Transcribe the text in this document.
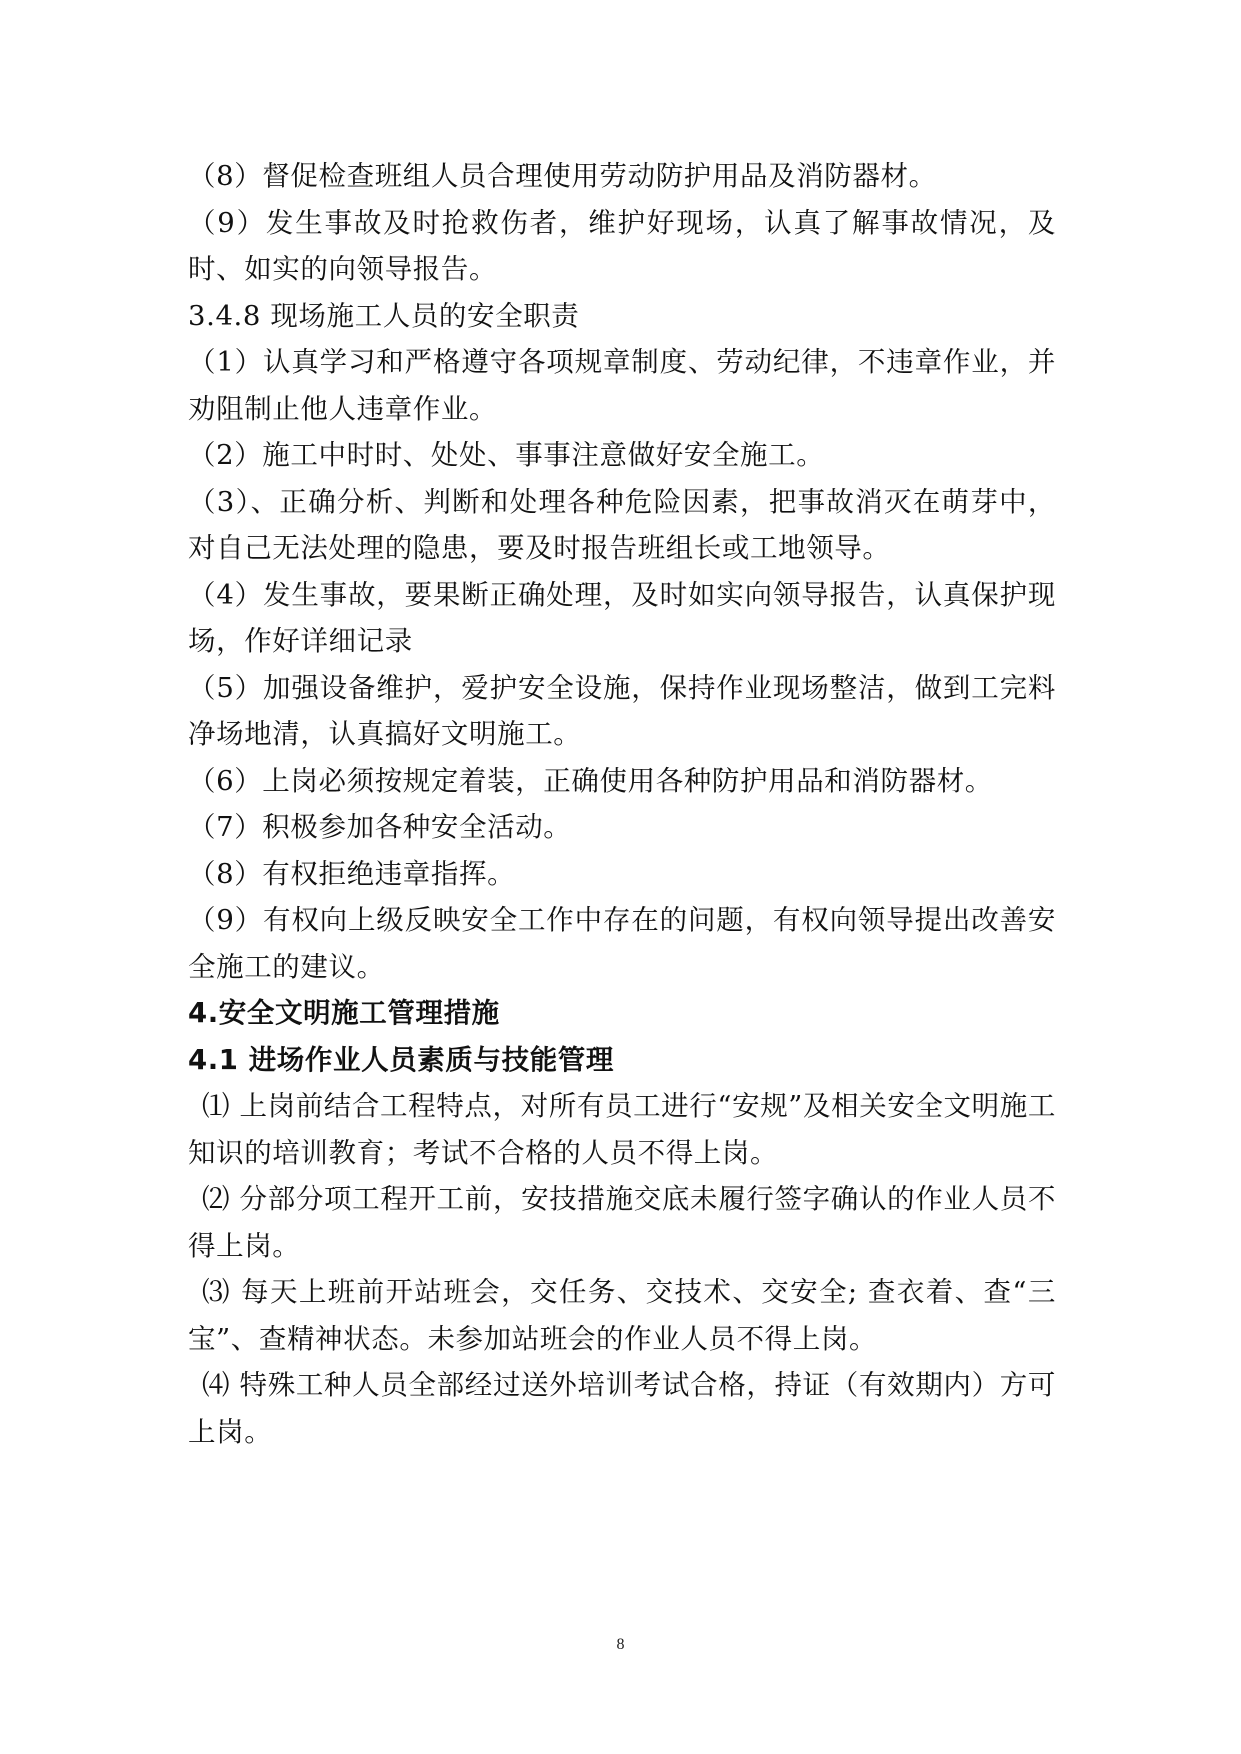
（8）督促检查班组人员合理使用劳动防护用品及消防器材。

（9）发生事故及时抢救伤者，维护好现场，认真了解事故情况，及时、如实的向领导报告。

3.4.8 现场施工人员的安全职责

（1）认真学习和严格遵守各项规章制度、劳动纪律，不违章作业，并劝阻制止他人违章作业。

（2）施工中时时、处处、事事注意做好安全施工。

（3）、正确分析、判断和处理各种危险因素，把事故消灭在萌芽中，对自己无法处理的隐患，要及时报告班组长或工地领导。

（4）发生事故，要果断正确处理，及时如实向领导报告，认真保护现场，作好详细记录

（5）加强设备维护，爱护安全设施，保持作业现场整洁，做到工完料净场地清，认真搞好文明施工。

（6）上岗必须按规定着装，正确使用各种防护用品和消防器材。

（7）积极参加各种安全活动。

（8）有权拒绝违章指挥。

（9）有权向上级反映安全工作中存在的问题，有权向领导提出改善安全施工的建议。

4.安全文明施工管理措施
4.1 进场作业人员素质与技能管理

⑴ 上岗前结合工程特点，对所有员工进行“安规”及相关安全文明施工知识的培训教育；考试不合格的人员不得上岗。

⑵ 分部分项工程开工前，安技措施交底未履行签字确认的作业人员不得上岗。

⑶ 每天上班前开站班会，交任务、交技术、交安全; 查衣着、查“三宝”、查精神状态。未参加站班会的作业人员不得上岗。

⑷ 特殊工种人员全部经过送外培训考试合格，持证（有效期内）方可上岗。

8
